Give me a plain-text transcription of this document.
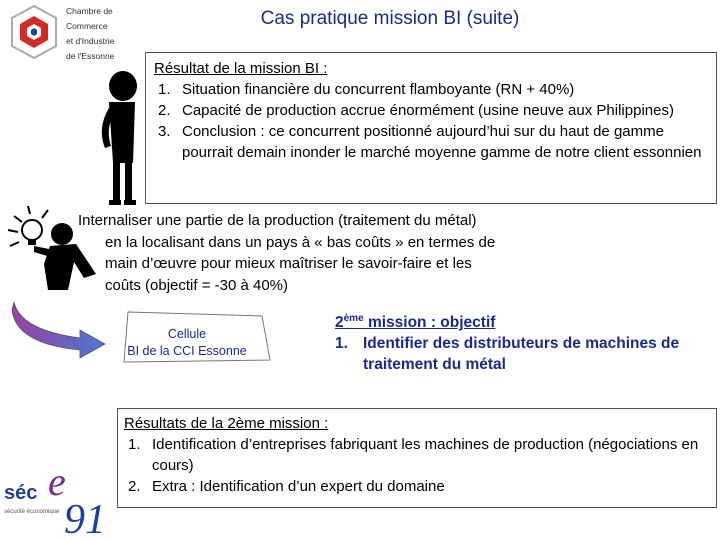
Cas pratique mission BI (suite)
Chambre de
Commerce
et d'Industrie
de l'Essonne
Résultat de la mission BI :
1. Situation financière du concurrent flamboyante (RN + 40%)
2. Capacité de production accrue énormément (usine neuve aux Philippines)
3. Conclusion : ce concurrent positionné aujourd’hui sur du haut de gamme pourrait demain inonder le marché moyenne gamme de notre client essonnien
Internaliser une partie de la production (traitement du métal)
en la localisant dans un pays à « bas coûts » en termes de
main d’œuvre pour mieux maîtriser le savoir-faire et les
coûts (objectif = -30 à 40%)
Cellule
BI de la CCI Essonne
2ème mission : objectif
1. Identifier des distributeurs de machines de traitement du métal
Résultats de la 2ème mission :
1. Identification d’entreprises fabriquant les machines de production (négociations en cours)
2. Extra : Identification d’un expert du domaine
séc e
91
sécurité économique
